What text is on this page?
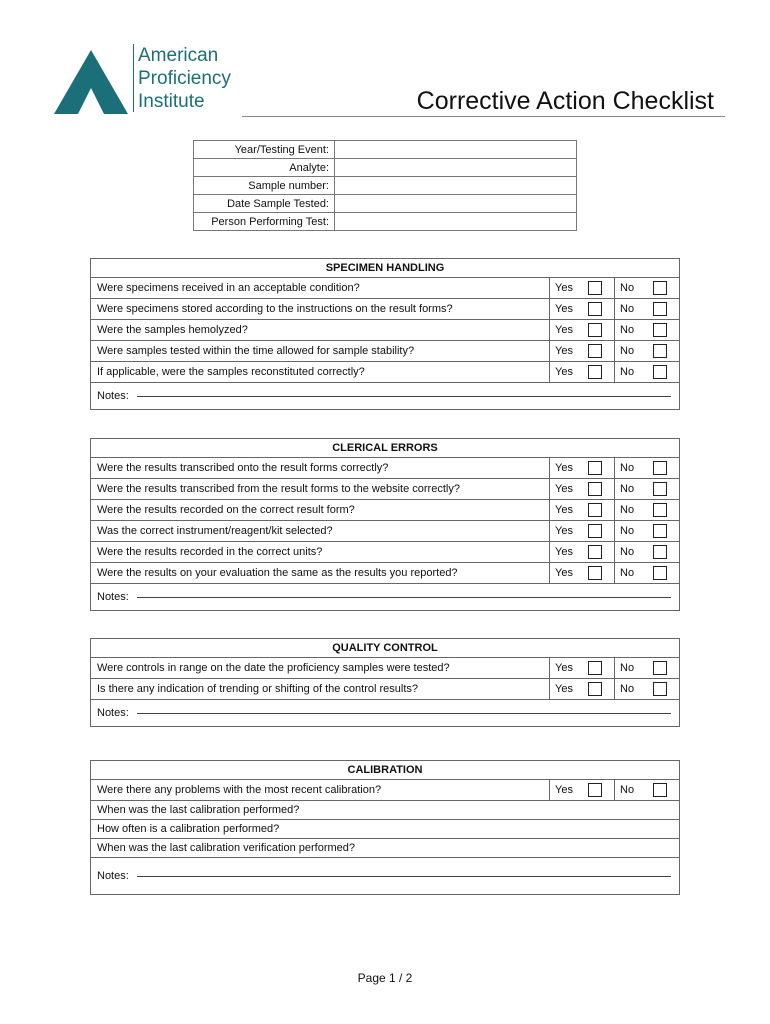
American
Proficiency
Institute	Corrective Action Checklist
Year/Testing Event:	
Analyte:	
Sample number:	
Date Sample Tested:	
Person Performing Test:	
SPECIMEN HANDLING
Were specimens received in an acceptable condition?	Yes	No
Were specimens stored according to the instructions on the result forms?	Yes	No
Were the samples hemolyzed?	Yes	No
Were samples tested within the time allowed for sample stability?	Yes	No
If applicable, were the samples reconstituted correctly?	Yes	No
Notes:
CLERICAL ERRORS
Were the results transcribed onto the result forms correctly?	Yes	No
Were the results transcribed from the result forms to the website correctly?	Yes	No
Were the results recorded on the correct result form?	Yes	No
Was the correct instrument/reagent/kit selected?	Yes	No
Were the results recorded in the correct units?	Yes	No
Were the results on your evaluation the same as the results you reported?	Yes	No
Notes:
QUALITY CONTROL
Were controls in range on the date the proficiency samples were tested?	Yes	No
Is there any indication of trending or shifting of the control results?	Yes	No
Notes:
CALIBRATION
Were there any problems with the most recent calibration?	Yes	No
When was the last calibration performed?
How often is a calibration performed?
When was the last calibration verification performed?
Notes:
Page 1 / 2
